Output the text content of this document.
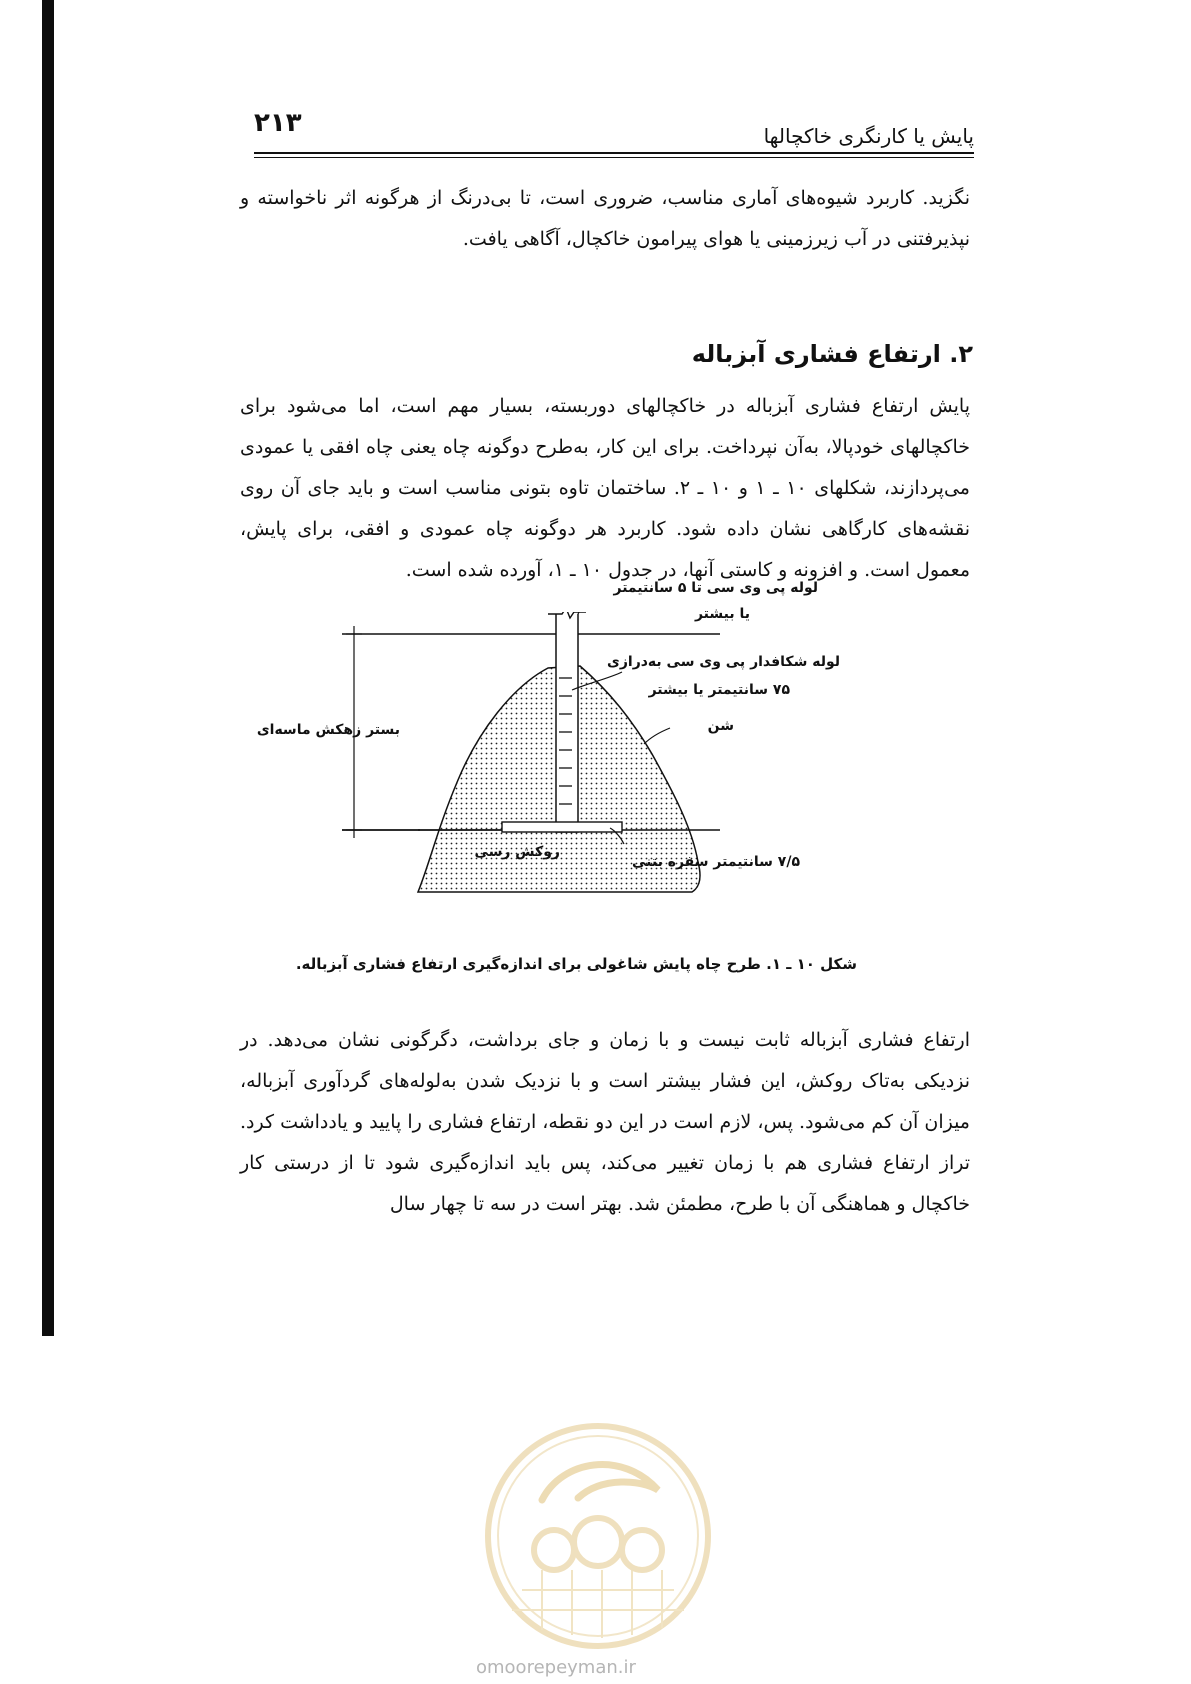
۲۱۳	پایش یا کارنگری خاکچالها

نگزید. کاربرد شیوه‌های آماری مناسب، ضروری است، تا بی‌درنگ از هرگونه اثر ناخواسته و نپذیرفتنی در آب زیرزمینی یا هوای پیرامون خاکچال، آگاهی یافت.

۲. ارتفاع فشاری آبزباله

پایش ارتفاع فشاری آبزباله در خاکچالهای دوربسته، بسیار مهم است، اما می‌شود برای خاکچالهای خودپالا، به‌آن نپرداخت. برای این کار، به‌طرح دوگونه چاه یعنی چاه افقی یا عمودی می‌پردازند، شکلهای ۱۰ ـ ۱ و ۱۰ ـ ۲. ساختمان تاوه بتونی مناسب است و باید جای آن روی نقشه‌های کارگاهی نشان داده شود. کاربرد هر دوگونه چاه عمودی و افقی، برای پایش، معمول است. و افزونه و کاستی آنها، در جدول ۱۰ ـ ۱، آورده شده است.

لوله پی وی سی تا ۵ سانتیمتر
یا بیشتر
لوله شکافدار پی وی سی به‌درازی
۷۵ سانتیمتر یا بیشتر
شن
بستر زهکش ماسه‌ای
روکش رسی
۷/۵ سانتیمتر سفره بتنی
شکل ۱۰ ـ ۱. طرح چاه پایش شاغولی برای اندازه‌گیری ارتفاع فشاری آبزباله.

ارتفاع فشاری آبزباله ثابت نیست و با زمان و جای برداشت، دگرگونی نشان می‌دهد. در نزدیکی به‌تاک روکش، این فشار بیشتر است و با نزدیک شدن به‌لوله‌های گردآوری آبزباله، میزان آن کم می‌شود. پس، لازم است در این دو نقطه، ارتفاع فشاری را پایید و یادداشت کرد. تراز ارتفاع فشاری هم با زمان تغییر می‌کند، پس باید اندازه‌گیری شود تا از درستی کار خاکچال و هماهنگی آن با طرح، مطمئن شد. بهتر است در سه تا چهار سال

omoorepeyman.ir
